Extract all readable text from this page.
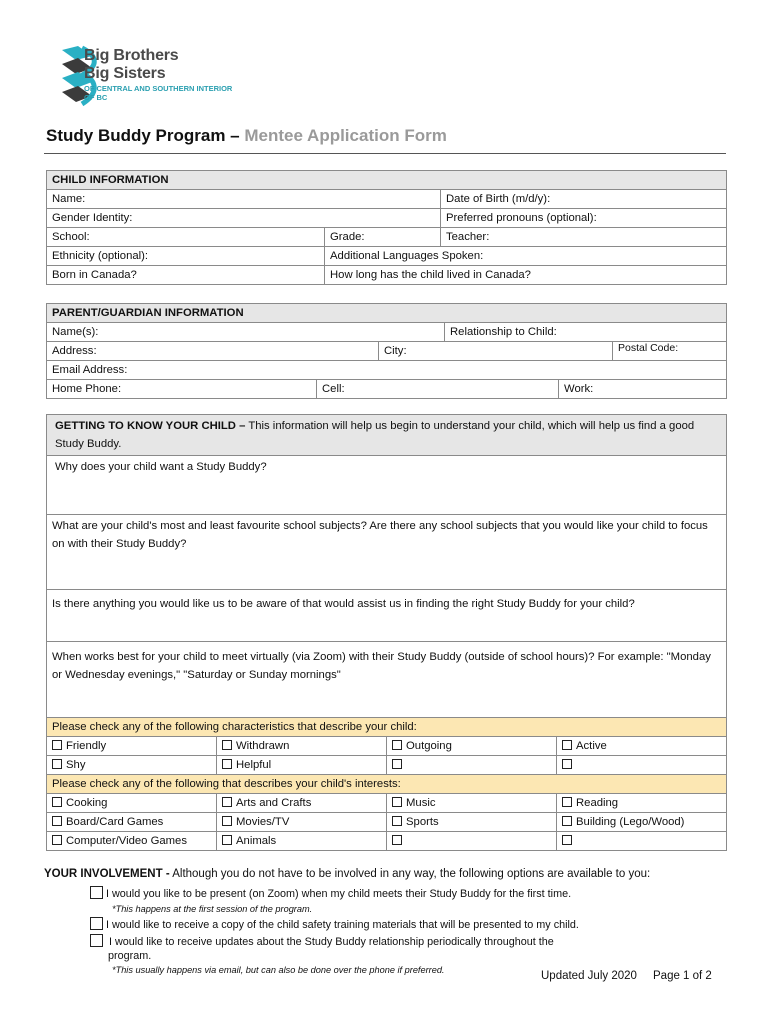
Big Brothers
Big Sisters
OF CENTRAL AND SOUTHERN INTERIOR OF BC
Study Buddy Program – Mentee Application Form
CHILD INFORMATION		
Name:		Date of Birth (m/d/y):
Gender Identity:		Preferred pronouns (optional):
School:	Grade:	Teacher:
Ethnicity (optional):	Additional Languages Spoken:	
Born in Canada?	How long has the child lived in Canada?	
PARENT/GUARDIAN INFORMATION					
Name(s):			Relationship to Child:		
Address:		City:			Postal Code:
Email Address:					
Home Phone:	Cell:			Work:	
GETTING TO KNOW YOUR CHILD – This information will help us begin to understand your child, which will help us find a good Study Buddy.			
Why does your child want a Study Buddy?			
What are your child's most and least favourite school subjects? Are there any school subjects that you would like your child to focus on with their Study Buddy?			
Is there anything you would like us to be aware of that would assist us in finding the right Study Buddy for your child?			
When works best for your child to meet virtually (via Zoom) with their Study Buddy (outside of school hours)? For example: "Monday or Wednesday evenings," "Saturday or Sunday mornings"			
Please check any of the following characteristics that describe your child:			
Friendly	Withdrawn	Outgoing	Active
Shy	Helpful		
Please check any of the following that describes your child's interests:			
Cooking	Arts and Crafts	Music	Reading
Board/Card Games	Movies/TV	Sports	Building (Lego/Wood)
Computer/Video Games	Animals		
YOUR INVOLVEMENT - Although you do not have to be involved in any way, the following options are available to you:
I would you like to be present (on Zoom) when my child meets their Study Buddy for the first time.
*This happens at the first session of the program.
I would like to receive a copy of the child safety training materials that will be presented to my child.
I would like to receive updates about the Study Buddy relationship periodically throughout the
program.
*This usually happens via email, but can also be done over the phone if preferred.	Updated July 2020 Page 1 of 2
